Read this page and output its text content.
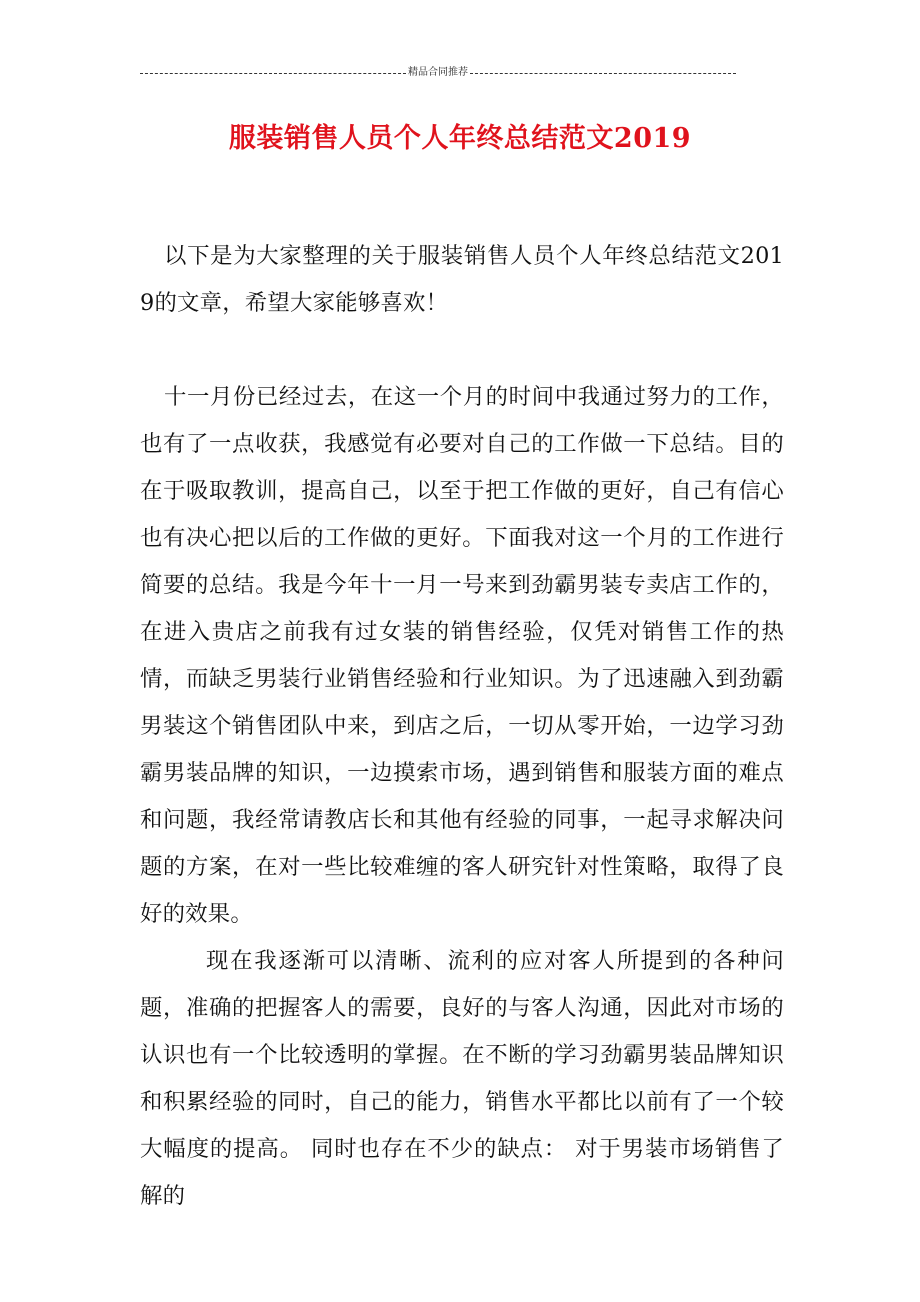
精品合同推荐
服装销售人员个人年终总结范文2019

以下是为大家整理的关于服装销售人员个人年终总结范文2019的文章，希望大家能够喜欢！

十一月份已经过去，在这一个月的时间中我通过努力的工作，也有了一点收获，我感觉有必要对自己的工作做一下总结。目的在于吸取教训，提高自己，以至于把工作做的更好，自己有信心也有决心把以后的工作做的更好。下面我对这一个月的工作进行简要的总结。我是今年十一月一号来到劲霸男装专卖店工作的，在进入贵店之前我有过女装的销售经验，仅凭对销售工作的热情，而缺乏男装行业销售经验和行业知识。为了迅速融入到劲霸男装这个销售团队中来，到店之后，一切从零开始，一边学习劲霸男装品牌的知识，一边摸索市场，遇到销售和服装方面的难点和问题，我经常请教店长和其他有经验的同事，一起寻求解决问题的方案，在对一些比较难缠的客人研究针对性策略，取得了良好的效果。

现在我逐渐可以清晰、流利的应对客人所提到的各种问题，准确的把握客人的需要，良好的与客人沟通，因此对市场的认识也有一个比较透明的掌握。在不断的学习劲霸男装品牌知识和积累经验的同时，自己的能力，销售水平都比以前有了一个较大幅度的提高。 同时也存在不少的缺点： 对于男装市场销售了解的
